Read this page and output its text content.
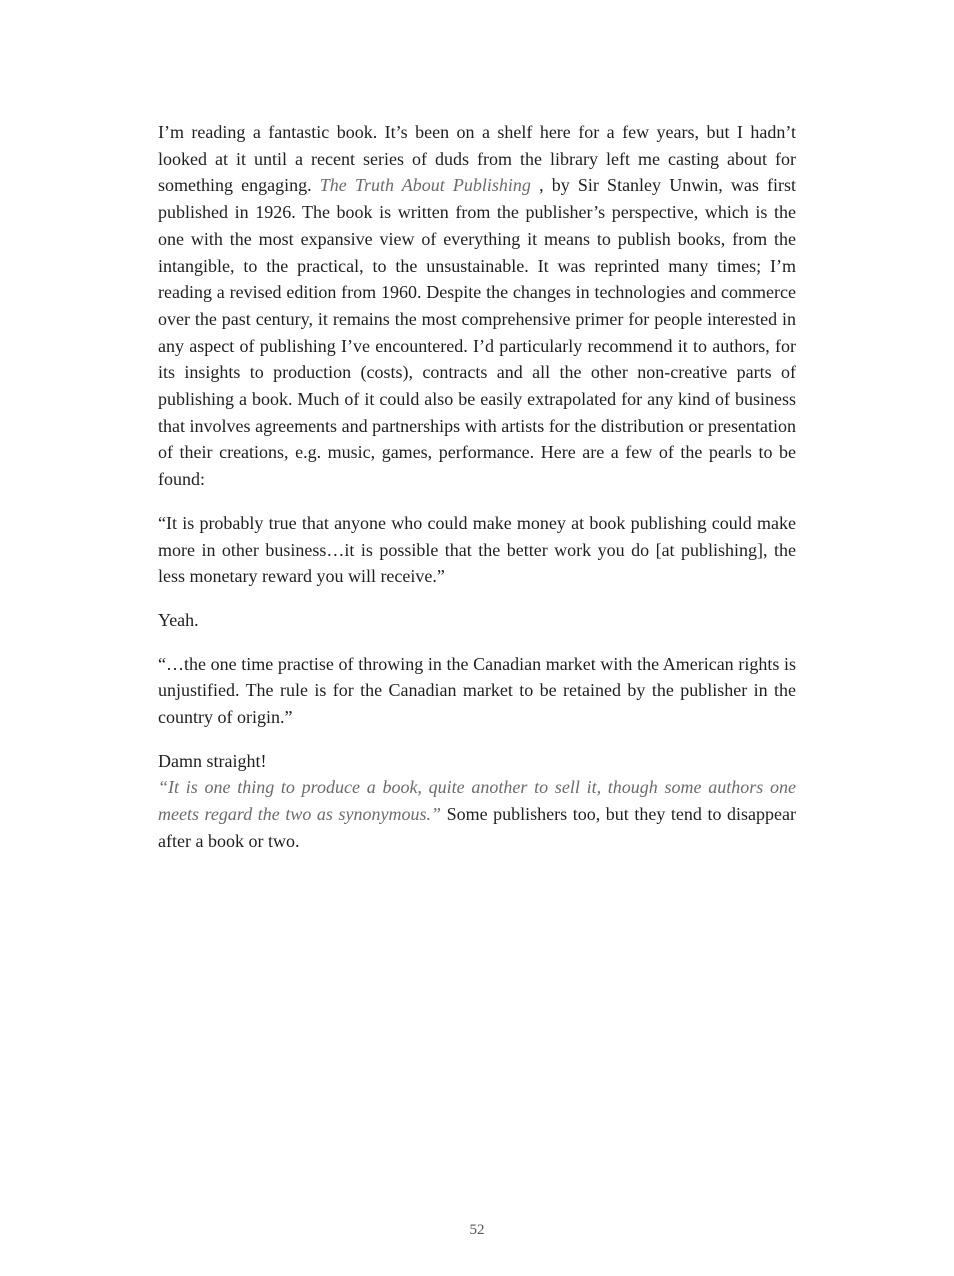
I’m reading a fantastic book. It’s been on a shelf here for a few years, but I hadn’t looked at it until a recent series of duds from the library left me casting about for something engaging. The Truth About Publishing , by Sir Stanley Unwin, was first published in 1926. The book is written from the publisher’s perspective, which is the one with the most expansive view of everything it means to publish books, from the intangible, to the practical, to the unsustainable. It was reprinted many times; I’m reading a revised edition from 1960. Despite the changes in technologies and commerce over the past century, it remains the most comprehensive primer for people interested in any aspect of publishing I’ve encountered. I’d particularly recommend it to authors, for its insights to production (costs), contracts and all the other non-creative parts of publishing a book. Much of it could also be easily extrapolated for any kind of business that involves agreements and partnerships with artists for the distribution or presentation of their creations, e.g. music, games, performance. Here are a few of the pearls to be found:

“It is probably true that anyone who could make money at book publishing could make more in other business…it is possible that the better work you do [at publishing], the less monetary reward you will receive.”

Yeah.

“…the one time practise of throwing in the Canadian market with the American rights is unjustified. The rule is for the Canadian market to be retained by the publisher in the country of origin.”

Damn straight!

“It is one thing to produce a book, quite another to sell it, though some authors one meets regard the two as synonymous.” Some publishers too, but they tend to disappear after a book or two.

52
